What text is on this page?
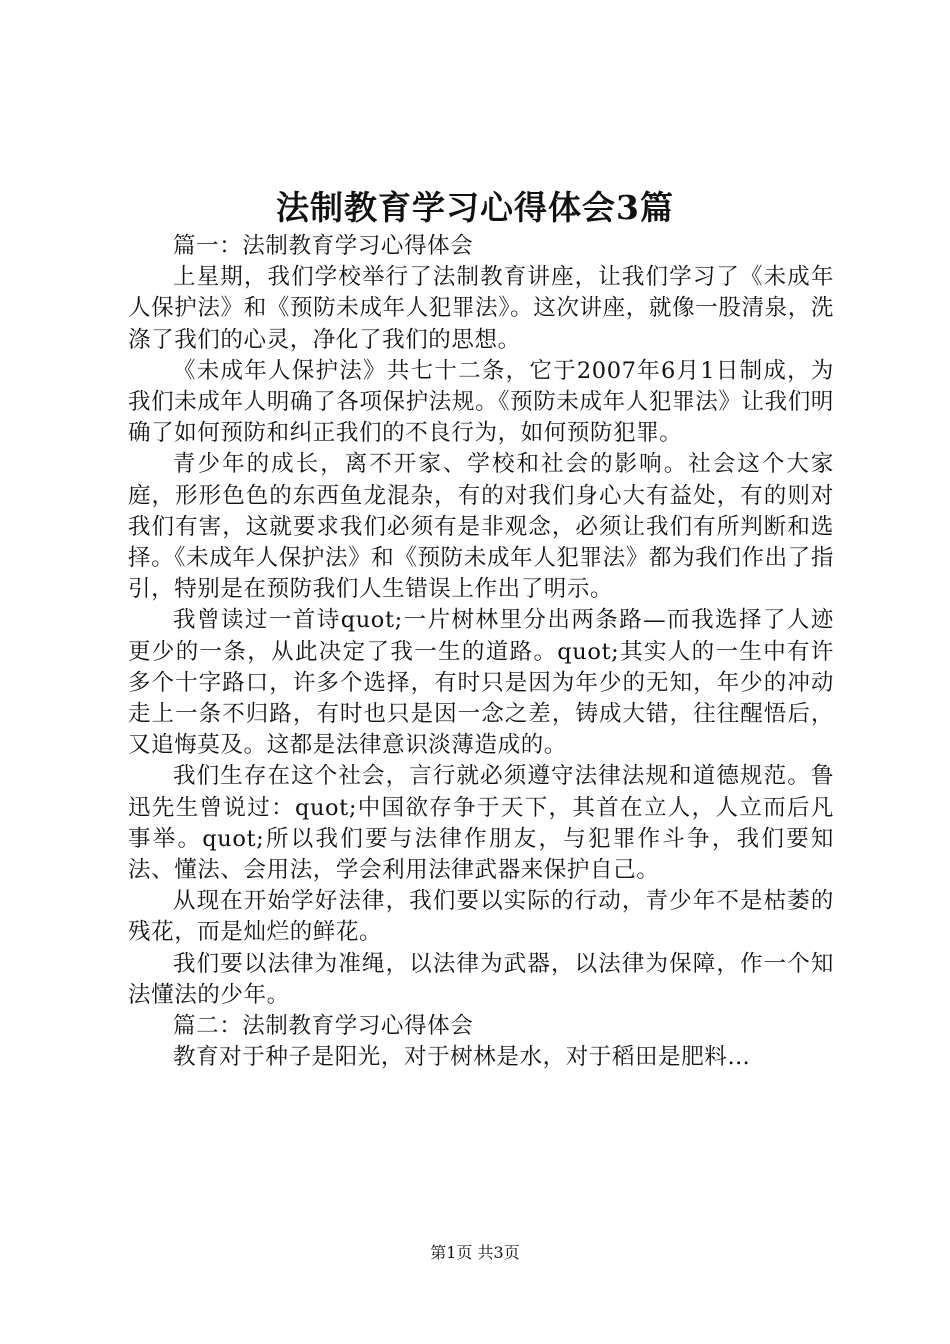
法制教育学习心得体会3篇

篇一：法制教育学习心得体会

上星期，我们学校举行了法制教育讲座，让我们学习了《未成年人保护法》和《预防未成年人犯罪法》。这次讲座，就像一股清泉，洗涤了我们的心灵，净化了我们的思想。

《未成年人保护法》共七十二条，它于2007年6月1日制成，为我们未成年人明确了各项保护法规。《预防未成年人犯罪法》让我们明确了如何预防和纠正我们的不良行为，如何预防犯罪。

青少年的成长，离不开家、学校和社会的影响。社会这个大家庭，形形色色的东西鱼龙混杂，有的对我们身心大有益处，有的则对我们有害，这就要求我们必须有是非观念，必须让我们有所判断和选择。《未成年人保护法》和《预防未成年人犯罪法》都为我们作出了指引，特别是在预防我们人生错误上作出了明示。

我曾读过一首诗quot;一片树林里分出两条路—而我选择了人迹更少的一条，从此决定了我一生的道路。quot;其实人的一生中有许多个十字路口，许多个选择，有时只是因为年少的无知，年少的冲动走上一条不归路，有时也只是因一念之差，铸成大错，往往醒悟后，又追悔莫及。这都是法律意识淡薄造成的。

我们生存在这个社会，言行就必须遵守法律法规和道德规范。鲁迅先生曾说过：quot;中国欲存争于天下，其首在立人，人立而后凡事举。quot;所以我们要与法律作朋友，与犯罪作斗争，我们要知法、懂法、会用法，学会利用法律武器来保护自己。

从现在开始学好法律，我们要以实际的行动，青少年不是枯萎的残花，而是灿烂的鲜花。

我们要以法律为准绳，以法律为武器，以法律为保障，作一个知法懂法的少年。

篇二：法制教育学习心得体会

教育对于种子是阳光，对于树林是水，对于稻田是肥料…

第1页 共3页
